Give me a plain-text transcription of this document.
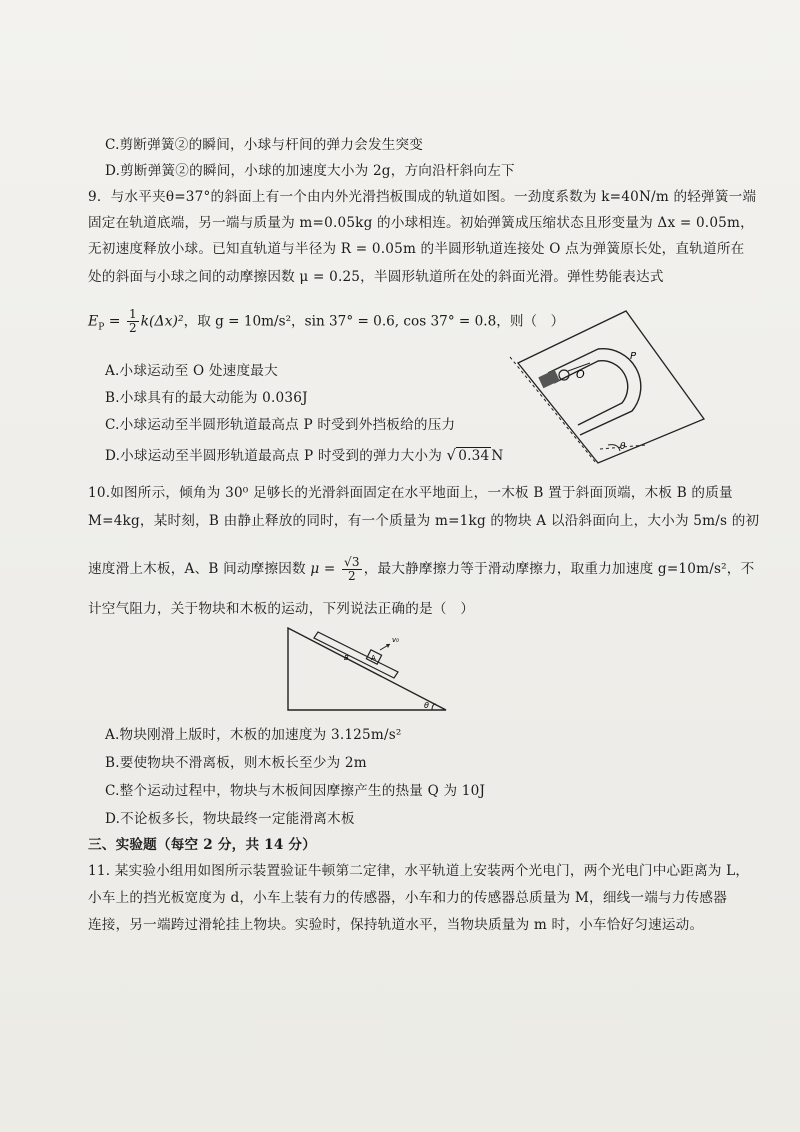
C.剪断弹簧②的瞬间，小球与杆间的弹力会发生突变
D.剪断弹簧②的瞬间，小球的加速度大小为 2g，方向沿杆斜向左下
9．与水平夹θ=37°的斜面上有一个由内外光滑挡板围成的轨道如图。一劲度系数为 k=40N/m 的轻弹簧一端
固定在轨道底端，另一端与质量为 m=0.05kg 的小球相连。初始弹簧成压缩状态且形变量为 Δx = 0.05m，
无初速度释放小球。已知直轨道与半径为 R = 0.05m 的半圆形轨道连接处 O 点为弹簧原长处，直轨道所在
处的斜面与小球之间的动摩擦因数 μ = 0.25，半圆形轨道所在处的斜面光滑。弹性势能表达式
$E_P = \frac{1}{2} k(\Delta x)^2$，取 g = 10m/s²，sin 37° = 0.6, cos 37° = 0.8，则（　）
A.小球运动至 O 处速度最大
B.小球具有的最大动能为 0.036J
C.小球运动至半圆形轨道最高点 P 时受到外挡板给的压力
D.小球运动至半圆形轨道最高点 P 时受到的弹力大小为 √ 0.34 N
O
P
θ
10.如图所示，倾角为 30⁰ 足够长的光滑斜面固定在水平地面上，一木板 B 置于斜面顶端，木板 B 的质量
M=4kg，某时刻，B 由静止释放的同时，有一个质量为 m=1kg 的物块 A 以沿斜面向上，大小为 5m/s 的初
速度滑上木板，A、B 间动摩擦因数 $\mu = \frac{√3}{2}$ ，最大静摩擦力等于滑动摩擦力，取重力加速度 g=10m/s²，不
计空气阻力，关于物块和木板的运动，下列说法正确的是（　）
A
B
v₀
θ
A.物块刚滑上版时，木板的加速度为 3.125m/s²
B.要使物块不滑离板，则木板长至少为 2m
C.整个运动过程中，物块与木板间因摩擦产生的热量 Q 为 10J
D.不论板多长，物块最终一定能滑离木板
三、实验题（每空 2 分，共 14 分）
11. 某实验小组用如图所示装置验证牛顿第二定律，水平轨道上安装两个光电门，两个光电门中心距离为 L，
小车上的挡光板宽度为 d，小车上装有力的传感器，小车和力的传感器总质量为 M，细线一端与力传感器
连接，另一端跨过滑轮挂上物块。实验时，保持轨道水平，当物块质量为 m 时，小车恰好匀速运动。
